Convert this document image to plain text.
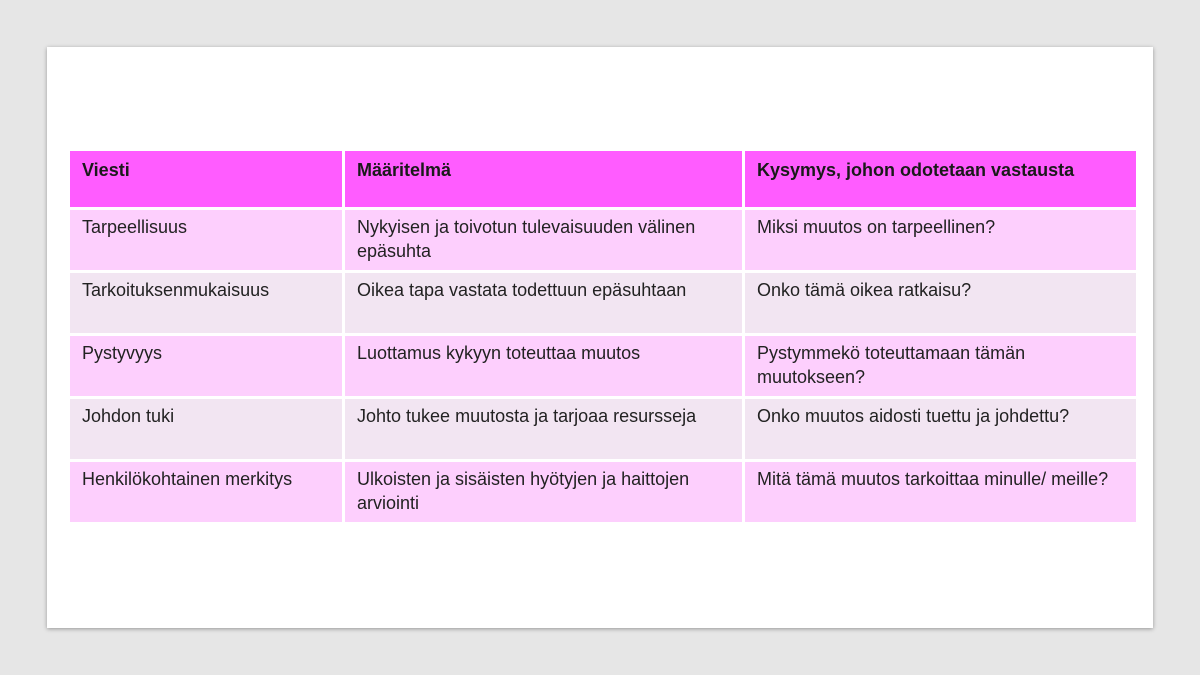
Viesti	Määritelmä	Kysymys, johon odotetaan vastausta
Tarpeellisuus	Nykyisen ja toivotun tulevaisuuden välinen epäsuhta	Miksi muutos on tarpeellinen?
Tarkoituksenmukaisuus	Oikea tapa vastata todettuun epäsuhtaan	Onko tämä oikea ratkaisu?
Pystyvyys	Luottamus kykyyn toteuttaa muutos	Pystymmekö toteuttamaan tämän muutokseen?
Johdon tuki	Johto tukee muutosta ja tarjoaa resursseja	Onko muutos aidosti tuettu ja johdettu?
Henkilökohtainen merkitys	Ulkoisten ja sisäisten hyötyjen ja haittojen arviointi	Mitä tämä muutos tarkoittaa minulle/ meille?
